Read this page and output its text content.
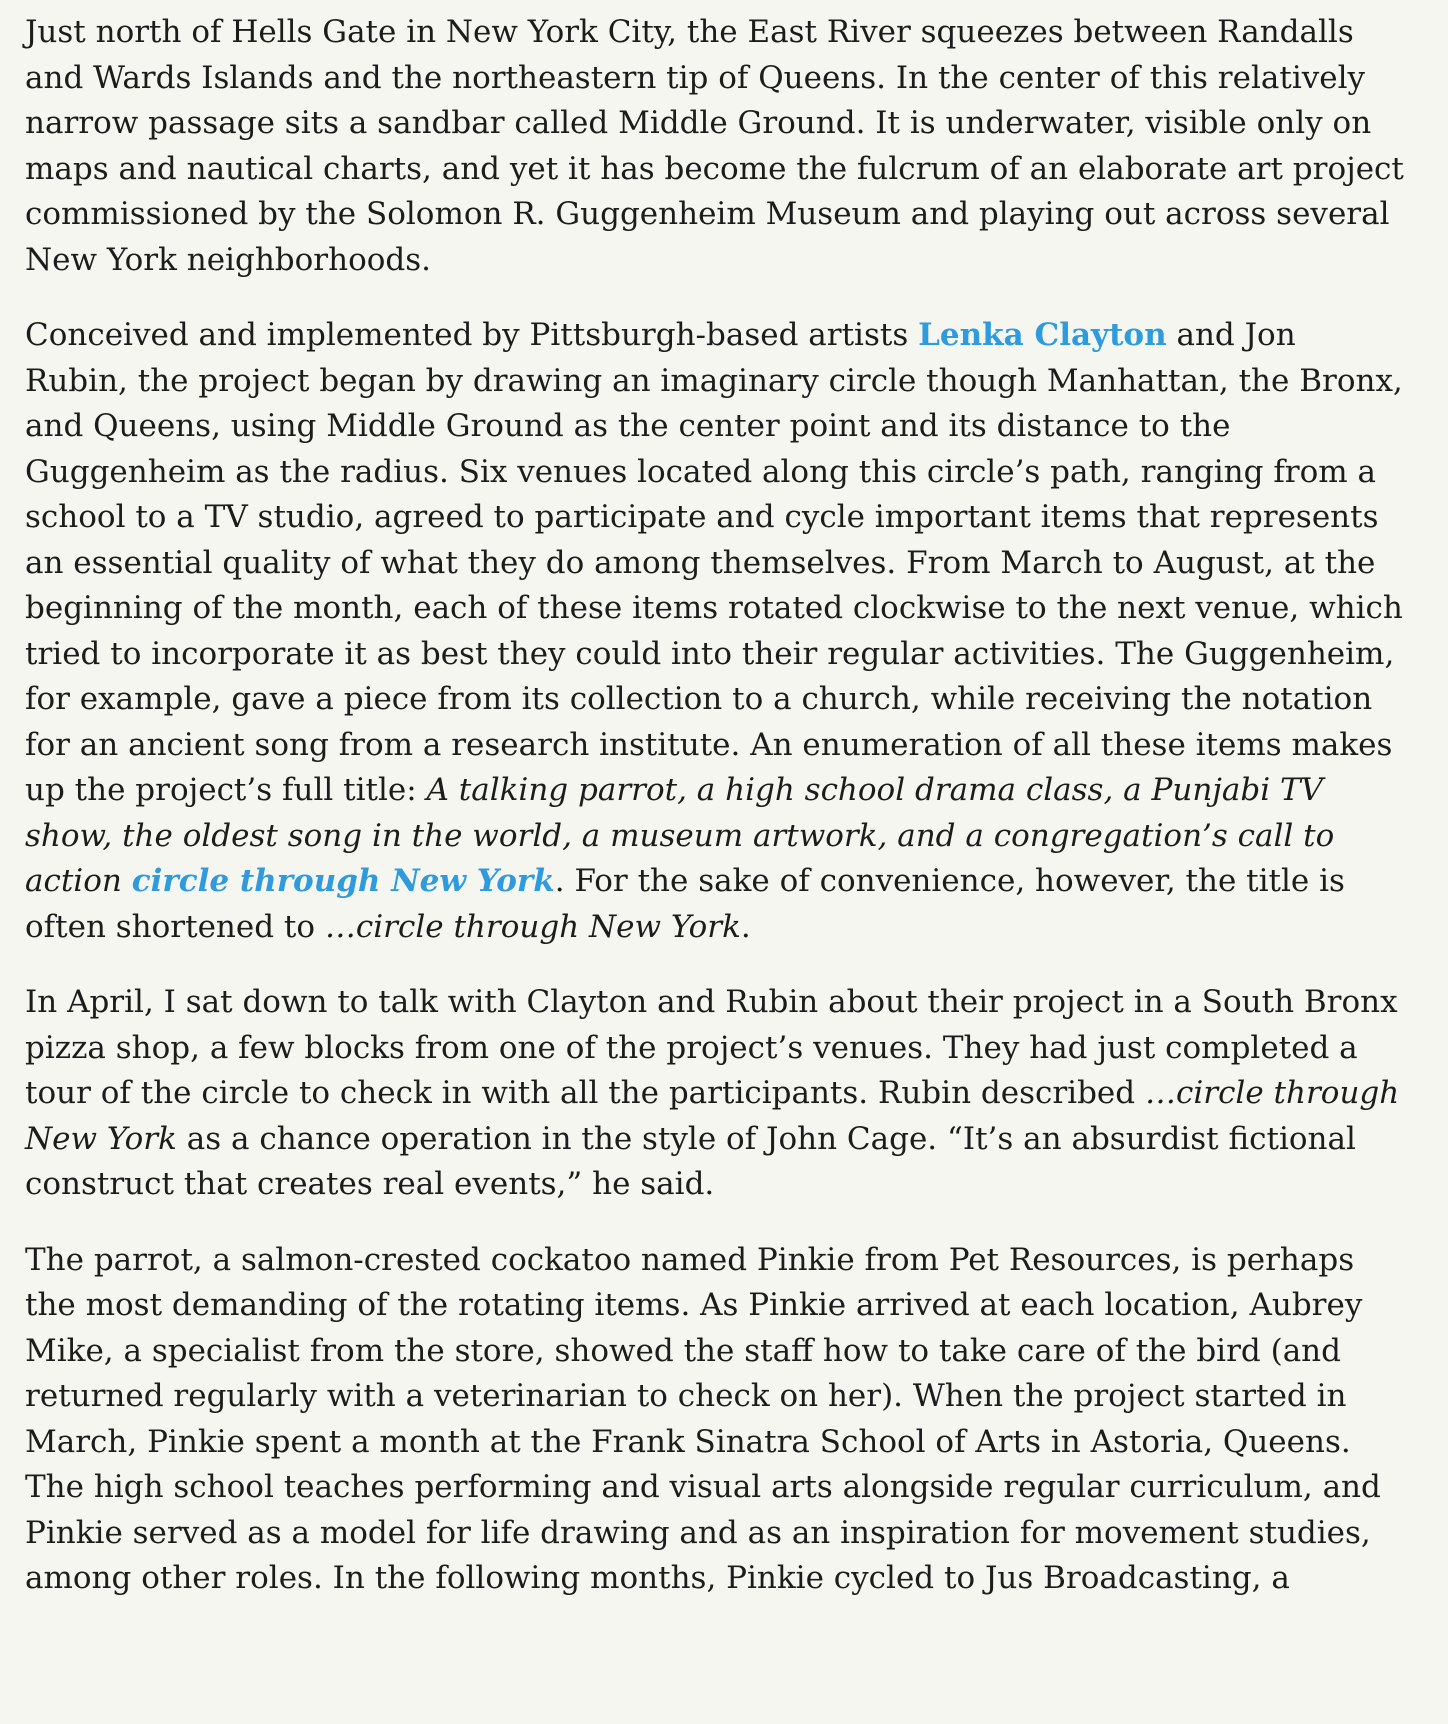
Just north of Hells Gate in New York City, the East River squeezes between Randalls
and Wards Islands and the northeastern tip of Queens. In the center of this relatively
narrow passage sits a sandbar called Middle Ground. It is underwater, visible only on
maps and nautical charts, and yet it has become the fulcrum of an elaborate art project
commissioned by the Solomon R. Guggenheim Museum and playing out across several
New York neighborhoods.

Conceived and implemented by Pittsburgh-based artists Lenka Clayton and Jon
Rubin, the project began by drawing an imaginary circle though Manhattan, the Bronx,
and Queens, using Middle Ground as the center point and its distance to the
Guggenheim as the radius. Six venues located along this circle’s path, ranging from a
school to a TV studio, agreed to participate and cycle important items that represents
an essential quality of what they do among themselves. From March to August, at the
beginning of the month, each of these items rotated clockwise to the next venue, which
tried to incorporate it as best they could into their regular activities. The Guggenheim,
for example, gave a piece from its collection to a church, while receiving the notation
for an ancient song from a research institute. An enumeration of all these items makes
up the project’s full title: A talking parrot, a high school drama class, a Punjabi TV
show, the oldest song in the world, a museum artwork, and a congregation’s call to
action circle through New York. For the sake of convenience, however, the title is
often shortened to …circle through New York.

In April, I sat down to talk with Clayton and Rubin about their project in a South Bronx
pizza shop, a few blocks from one of the project’s venues. They had just completed a
tour of the circle to check in with all the participants. Rubin described …circle through
New York as a chance operation in the style of John Cage. “It’s an absurdist fictional
construct that creates real events,” he said.

The parrot, a salmon-crested cockatoo named Pinkie from Pet Resources, is perhaps
the most demanding of the rotating items. As Pinkie arrived at each location, Aubrey
Mike, a specialist from the store, showed the staff how to take care of the bird (and
returned regularly with a veterinarian to check on her). When the project started in
March, Pinkie spent a month at the Frank Sinatra School of Arts in Astoria, Queens.
The high school teaches performing and visual arts alongside regular curriculum, and
Pinkie served as a model for life drawing and as an inspiration for movement studies,
among other roles. In the following months, Pinkie cycled to Jus Broadcasting, a
